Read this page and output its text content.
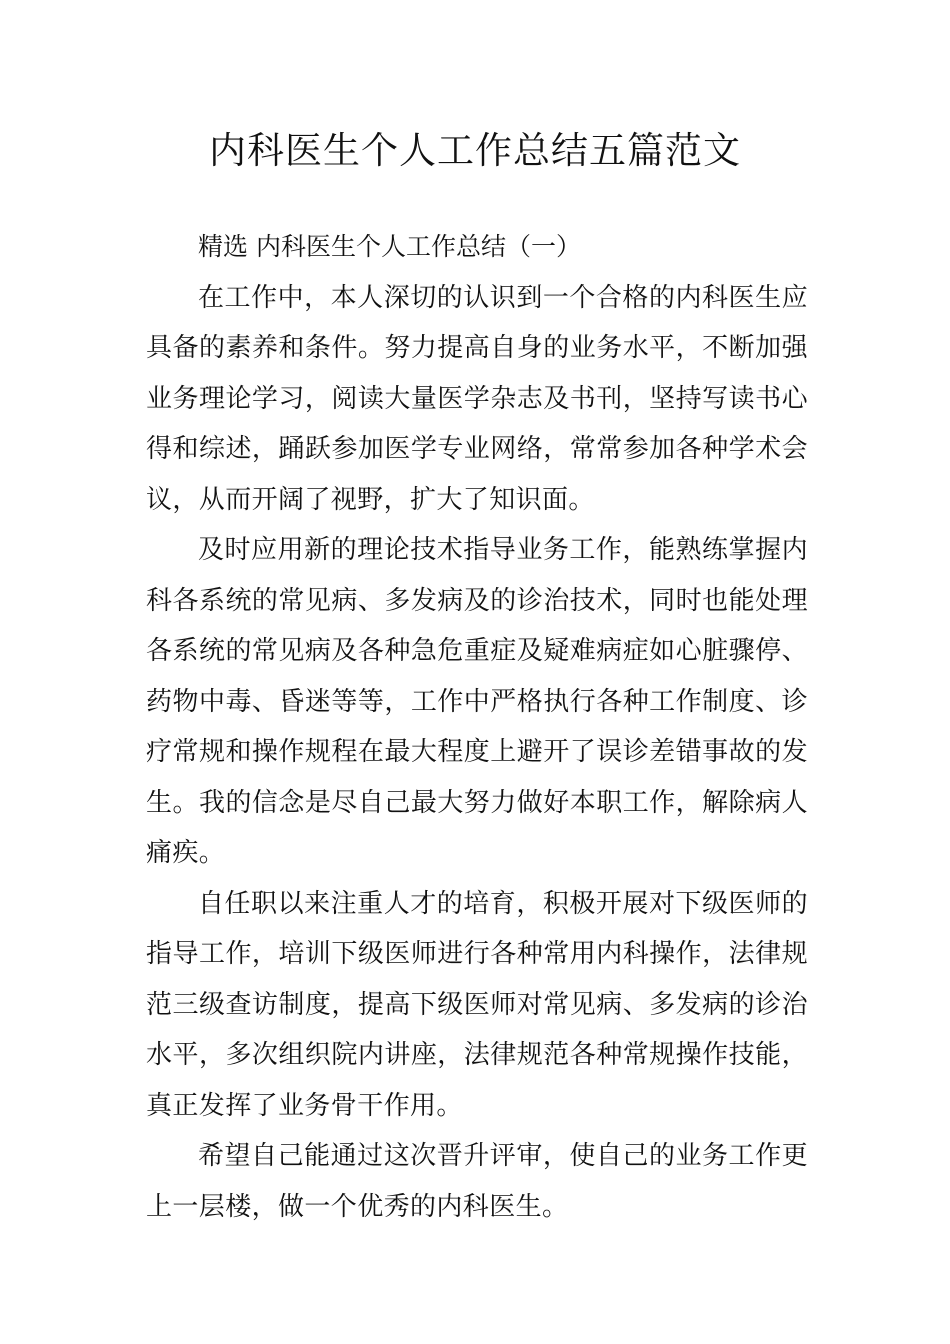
内科医生个人工作总结五篇范文

精选 内科医生个人工作总结（一）

在工作中，本人深切的认识到一个合格的内科医生应具备的素养和条件。努力提高自身的业务水平，不断加强业务理论学习，阅读大量医学杂志及书刊，坚持写读书心得和综述，踊跃参加医学专业网络，常常参加各种学术会议，从而开阔了视野，扩大了知识面。

及时应用新的理论技术指导业务工作，能熟练掌握内科各系统的常见病、多发病及的诊治技术，同时也能处理各系统的常见病及各种急危重症及疑难病症如心脏骤停、药物中毒、昏迷等等，工作中严格执行各种工作制度、诊疗常规和操作规程在最大程度上避开了误诊差错事故的发生。我的信念是尽自己最大努力做好本职工作，解除病人痛疾。

自任职以来注重人才的培育，积极开展对下级医师的指导工作，培训下级医师进行各种常用内科操作，法律规范三级查访制度，提高下级医师对常见病、多发病的诊治水平，多次组织院内讲座，法律规范各种常规操作技能，真正发挥了业务骨干作用。

希望自己能通过这次晋升评审，使自己的业务工作更上一层楼，做一个优秀的内科医生。
